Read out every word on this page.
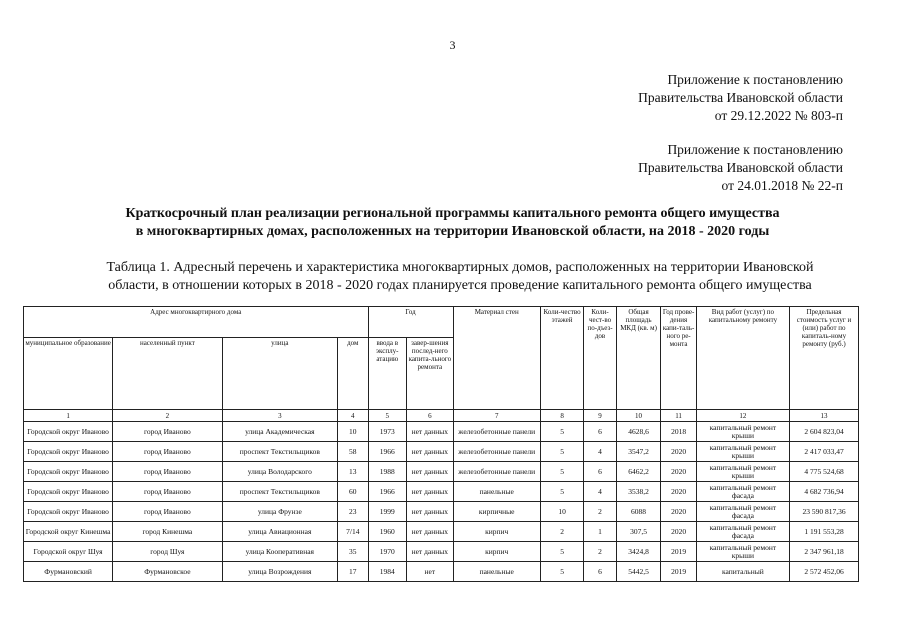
3
Приложение к постановлению
Правительства Ивановской области
от 29.12.2022 № 803-п
Приложение к постановлению
Правительства Ивановской области
от 24.01.2018 № 22-п
Краткосрочный план реализации региональной программы капитального ремонта общего имущества
в многоквартирных домах, расположенных на территории Ивановской области, на 2018 - 2020 годы
Таблица 1. Адресный перечень и характеристика многоквартирных домов, расположенных на территории Ивановской
области, в отношении которых в 2018 - 2020 годах планируется проведение капитального ремонта общего имущества
Адрес многоквартирного дома				Год		Материал стен	Коли-чество этажей	Коли-чест-во по-дъез-дов	Общая площадь МКД (кв. м)	Год прове-дения капи-таль-ного ре-монта	Вид работ (услуг) по капитальному ремонту	Предельная стоимость услуг и (или) работ по капиталь-ному ремонту (руб.)
муниципальное образование	населенный пункт	улица	дом	ввода в эксплу-атацию	завер-шения послед-него капита-льного ремонта							
1	2	3	4	5	6	7	8	9	10	11	12	13
Городской округ Иваново	город Иваново	улица Академическая	10	1973	нет данных	железобетонные панели	5	6	4628,6	2018	капитальный ремонт крыши	2 604 823,04
Городской округ Иваново	город Иваново	проспект Текстильщиков	58	1966	нет данных	железобетонные панели	5	4	3547,2	2020	капитальный ремонт крыши	2 417 033,47
Городской округ Иваново	город Иваново	улица Володарского	13	1988	нет данных	железобетонные панели	5	6	6462,2	2020	капитальный ремонт крыши	4 775 524,68
Городской округ Иваново	город Иваново	проспект Текстильщиков	60	1966	нет данных	панельные	5	4	3538,2	2020	капитальный ремонт фасада	4 682 736,94
Городской округ Иваново	город Иваново	улица Фрунзе	23	1999	нет данных	кирпичные	10	2	6088	2020	капитальный ремонт фасада	23 590 817,36
Городской округ Кинешма	город Кинешма	улица Авиационная	7/14	1960	нет данных	кирпич	2	1	307,5	2020	капитальный ремонт фасада	1 191 553,28
Городской округ Шуя	город Шуя	улица Кооперативная	35	1970	нет данных	кирпич	5	2	3424,8	2019	капитальный ремонт крыши	2 347 961,18
Фурмановский	Фурмановское	улица Возрождения	17	1984	нет	панельные	5	6	5442,5	2019	капитальный	2 572 452,06
